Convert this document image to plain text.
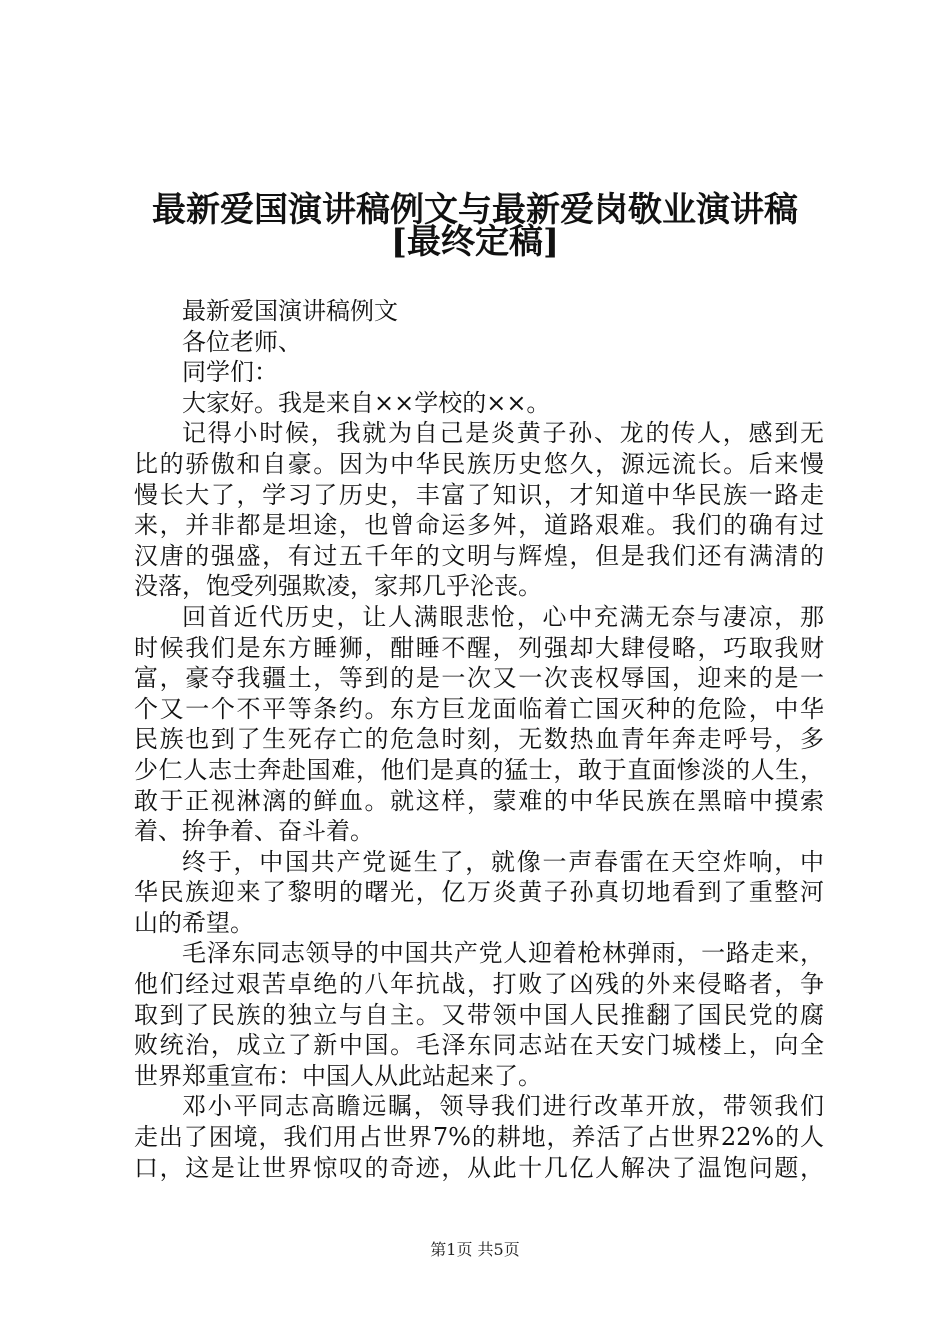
最新爱国演讲稿例文与最新爱岗敬业演讲稿
[最终定稿]
最新爱国演讲稿例文
各位老师、
同学们：
大家好。我是来自××学校的××。
记得小时候，我就为自己是炎黄子孙、龙的传人，感到无
比的骄傲和自豪。因为中华民族历史悠久，源远流长。后来慢
慢长大了，学习了历史，丰富了知识，才知道中华民族一路走
来，并非都是坦途，也曾命运多舛，道路艰难。我们的确有过
汉唐的强盛，有过五千年的文明与辉煌，但是我们还有满清的
没落，饱受列强欺凌，家邦几乎沦丧。
回首近代历史，让人满眼悲怆，心中充满无奈与凄凉，那
时候我们是东方睡狮，酣睡不醒，列强却大肆侵略，巧取我财
富，豪夺我疆土，等到的是一次又一次丧权辱国，迎来的是一
个又一个不平等条约。东方巨龙面临着亡国灭种的危险，中华
民族也到了生死存亡的危急时刻，无数热血青年奔走呼号，多
少仁人志士奔赴国难，他们是真的猛士，敢于直面惨淡的人生，
敢于正视淋漓的鲜血。就这样，蒙难的中华民族在黑暗中摸索
着、拚争着、奋斗着。
终于，中国共产党诞生了，就像一声春雷在天空炸响，中
华民族迎来了黎明的曙光，亿万炎黄子孙真切地看到了重整河
山的希望。
毛泽东同志领导的中国共产党人迎着枪林弹雨，一路走来，
他们经过艰苦卓绝的八年抗战，打败了凶残的外来侵略者，争
取到了民族的独立与自主。又带领中国人民推翻了国民党的腐
败统治，成立了新中国。毛泽东同志站在天安门城楼上，向全
世界郑重宣布：中国人从此站起来了。
邓小平同志高瞻远瞩，领导我们进行改革开放，带领我们
走出了困境，我们用占世界7%的耕地，养活了占世界22%的人
口，这是让世界惊叹的奇迹，从此十几亿人解决了温饱问题，
第1页 共5页
